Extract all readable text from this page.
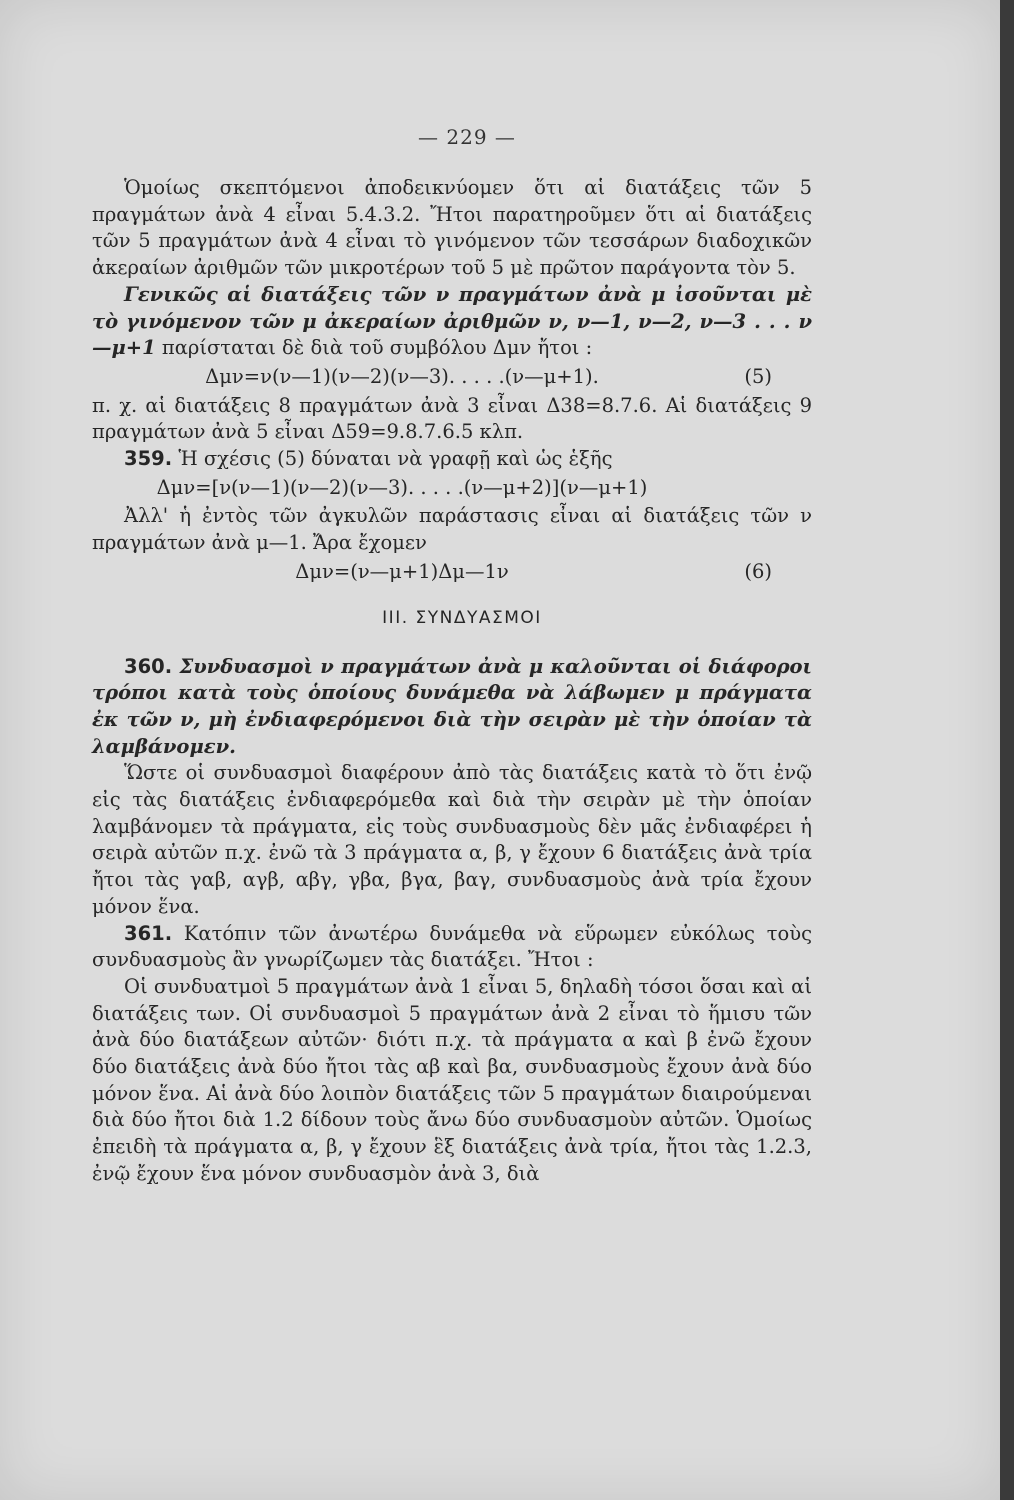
— 229 —

Ὁμοίως σκεπτόμενοι ἀποδεικνύομεν ὅτι αἱ διατάξεις τῶν 5 πραγμάτων ἀνὰ 4 εἶναι 5.4.3.2. Ἤτοι παρατηροῦμεν ὅτι αἱ διατάξεις τῶν 5 πραγμάτων ἀνὰ 4 εἶναι τὸ γινόμενον τῶν τεσσάρων διαδοχικῶν ἀκεραίων ἀριθμῶν τῶν μικροτέρων τοῦ 5 μὲ πρῶτον παράγοντα τὸν 5.

Γενικῶς αἱ διατάξεις τῶν ν πραγμάτων ἀνὰ μ ἰσοῦνται μὲ τὸ γινόμενον τῶν μ ἀκεραίων ἀριθμῶν ν, ν—1, ν—2, ν—3 . . . ν—μ+1 παρίσταται δὲ διὰ τοῦ συμβόλου Δμν ἤτοι :

Δμν=ν(ν—1)(ν—2)(ν—3). . . . .(ν—μ+1).	(5)

π. χ. αἱ διατάξεις 8 πραγμάτων ἀνὰ 3 εἶναι Δ38=8.7.6. Αἱ διατάξεις 9 πραγμάτων ἀνὰ 5 εἶναι Δ59=9.8.7.6.5 κλπ.

359. Ἡ σχέσις (5) δύναται νὰ γραφῇ καὶ ὡς ἑξῆς

Δμν=[ν(ν—1)(ν—2)(ν—3). . . . .(ν—μ+2)](ν—μ+1)

Ἀλλ' ἡ ἐντὸς τῶν ἀγκυλῶν παράστασις εἶναι αἱ διατάξεις τῶν ν πραγμάτων ἀνὰ μ—1. Ἄρα ἔχομεν

Δμν=(ν—μ+1)Δμ—1ν	(6)
III. ΣΥΝΔΥΑΣΜΟΙ

360. Συνδυασμοὶ ν πραγμάτων ἀνὰ μ καλοῦνται οἱ διάφοροι τρόποι κατὰ τοὺς ὁποίους δυνάμεθα νὰ λάβωμεν μ πράγματα ἐκ τῶν ν, μὴ ἐνδιαφερόμενοι διὰ τὴν σειρὰν μὲ τὴν ὁποίαν τὰ λαμβάνομεν.

Ὥστε οἱ συνδυασμοὶ διαφέρουν ἀπὸ τὰς διατάξεις κατὰ τὸ ὅτι ἐνῷ εἰς τὰς διατάξεις ἐνδιαφερόμεθα καὶ διὰ τὴν σειρὰν μὲ τὴν ὁποίαν λαμβάνομεν τὰ πράγματα, εἰς τοὺς συνδυασμοὺς δὲν μᾶς ἐνδιαφέρει ἡ σειρὰ αὐτῶν π.χ. ἐνῶ τὰ 3 πράγματα α, β, γ ἔχουν 6 διατάξεις ἀνὰ τρία ἤτοι τὰς γαβ, αγβ, αβγ, γβα, βγα, βαγ, συνδυασμοὺς ἀνὰ τρία ἔχουν μόνον ἕνα.

361. Κατόπιν τῶν ἀνωτέρω δυνάμεθα νὰ εὕρωμεν εὐκόλως τοὺς συνδυασμοὺς ἂν γνωρίζωμεν τὰς διατάξει. Ἤτοι :

Οἱ συνδυατμοὶ 5 πραγμάτων ἀνὰ 1 εἶναι 5, δηλαδὴ τόσοι ὅσαι καὶ αἱ διατάξεις των. Οἱ συνδυασμοὶ 5 πραγμάτων ἀνὰ 2 εἶναι τὸ ἥμισυ τῶν ἀνὰ δύο διατάξεων αὐτῶν· διότι π.χ. τὰ πράγματα α καὶ β ἐνῶ ἔχουν δύο διατάξεις ἀνὰ δύο ἤτοι τὰς αβ καὶ βα, συνδυασμοὺς ἔχουν ἀνὰ δύο μόνον ἕνα. Αἱ ἀνὰ δύο λοιπὸν διατάξεις τῶν 5 πραγμάτων διαιρούμεναι διὰ δύο ἤτοι διὰ 1.2 δίδουν τοὺς ἄνω δύο συνδυασμοὺν αὐτῶν. Ὁμοίως ἐπειδὴ τὰ πράγματα α, β, γ ἔχουν ἓξ διατάξεις ἀνὰ τρία, ἤτοι τὰς 1.2.3, ἐνῷ ἔχουν ἕνα μόνον συνδυασμὸν ἀνὰ 3, διὰ
